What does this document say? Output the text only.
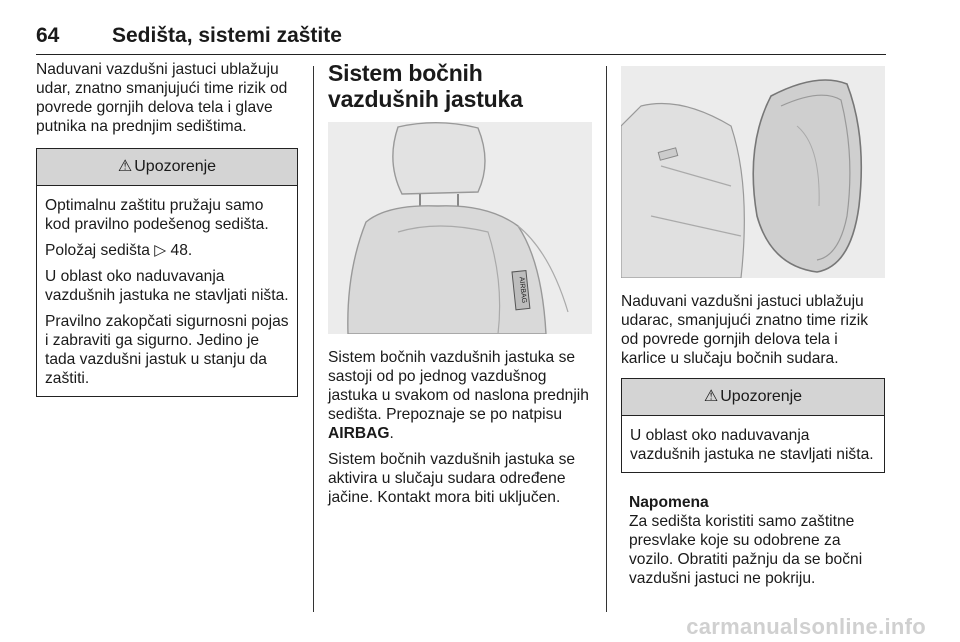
64	Sedišta, sistemi zaštite

Naduvani vazdušni jastuci ublažuju udar, znatno smanjujući time rizik od povrede gornjih delova tela i glave putnika na prednjim sedištima.

⚠ Upozorenje

Optimalnu zaštitu pružaju samo kod pravilno podešenog sedišta.

Položaj sedišta ▷ 48.

U oblast oko naduvavanja vazdušnih jastuka ne stavljati ništa.

Pravilno zakopčati sigurnosni pojas i zabraviti ga sigurno. Jedino je tada vazdušni jastuk u stanju da zaštiti.

Sistem bočnih vazdušnih jastuka
AIRBAG

Sistem bočnih vazdušnih jastuka se sastoji od po jednog vazdušnog jastuka u svakom od naslona prednjih sedišta. Prepoznaje se po natpisu
AIRBAG.

Sistem bočnih vazdušnih jastuka se aktivira u slučaju sudara određene jačine. Kontakt mora biti uključen.

Naduvani vazdušni jastuci ublažuju udarac, smanjujući znatno time rizik od povrede gornjih delova tela i karlice u slučaju bočnih sudara.

⚠ Upozorenje

U oblast oko naduvavanja vazdušnih jastuka ne stavljati ništa.

Napomena
Za sedišta koristiti samo zaštitne presvlake koje su odobrene za vozilo. Obratiti pažnju da se bočni vazdušni jastuci ne pokriju.
carmanualsonline.info
